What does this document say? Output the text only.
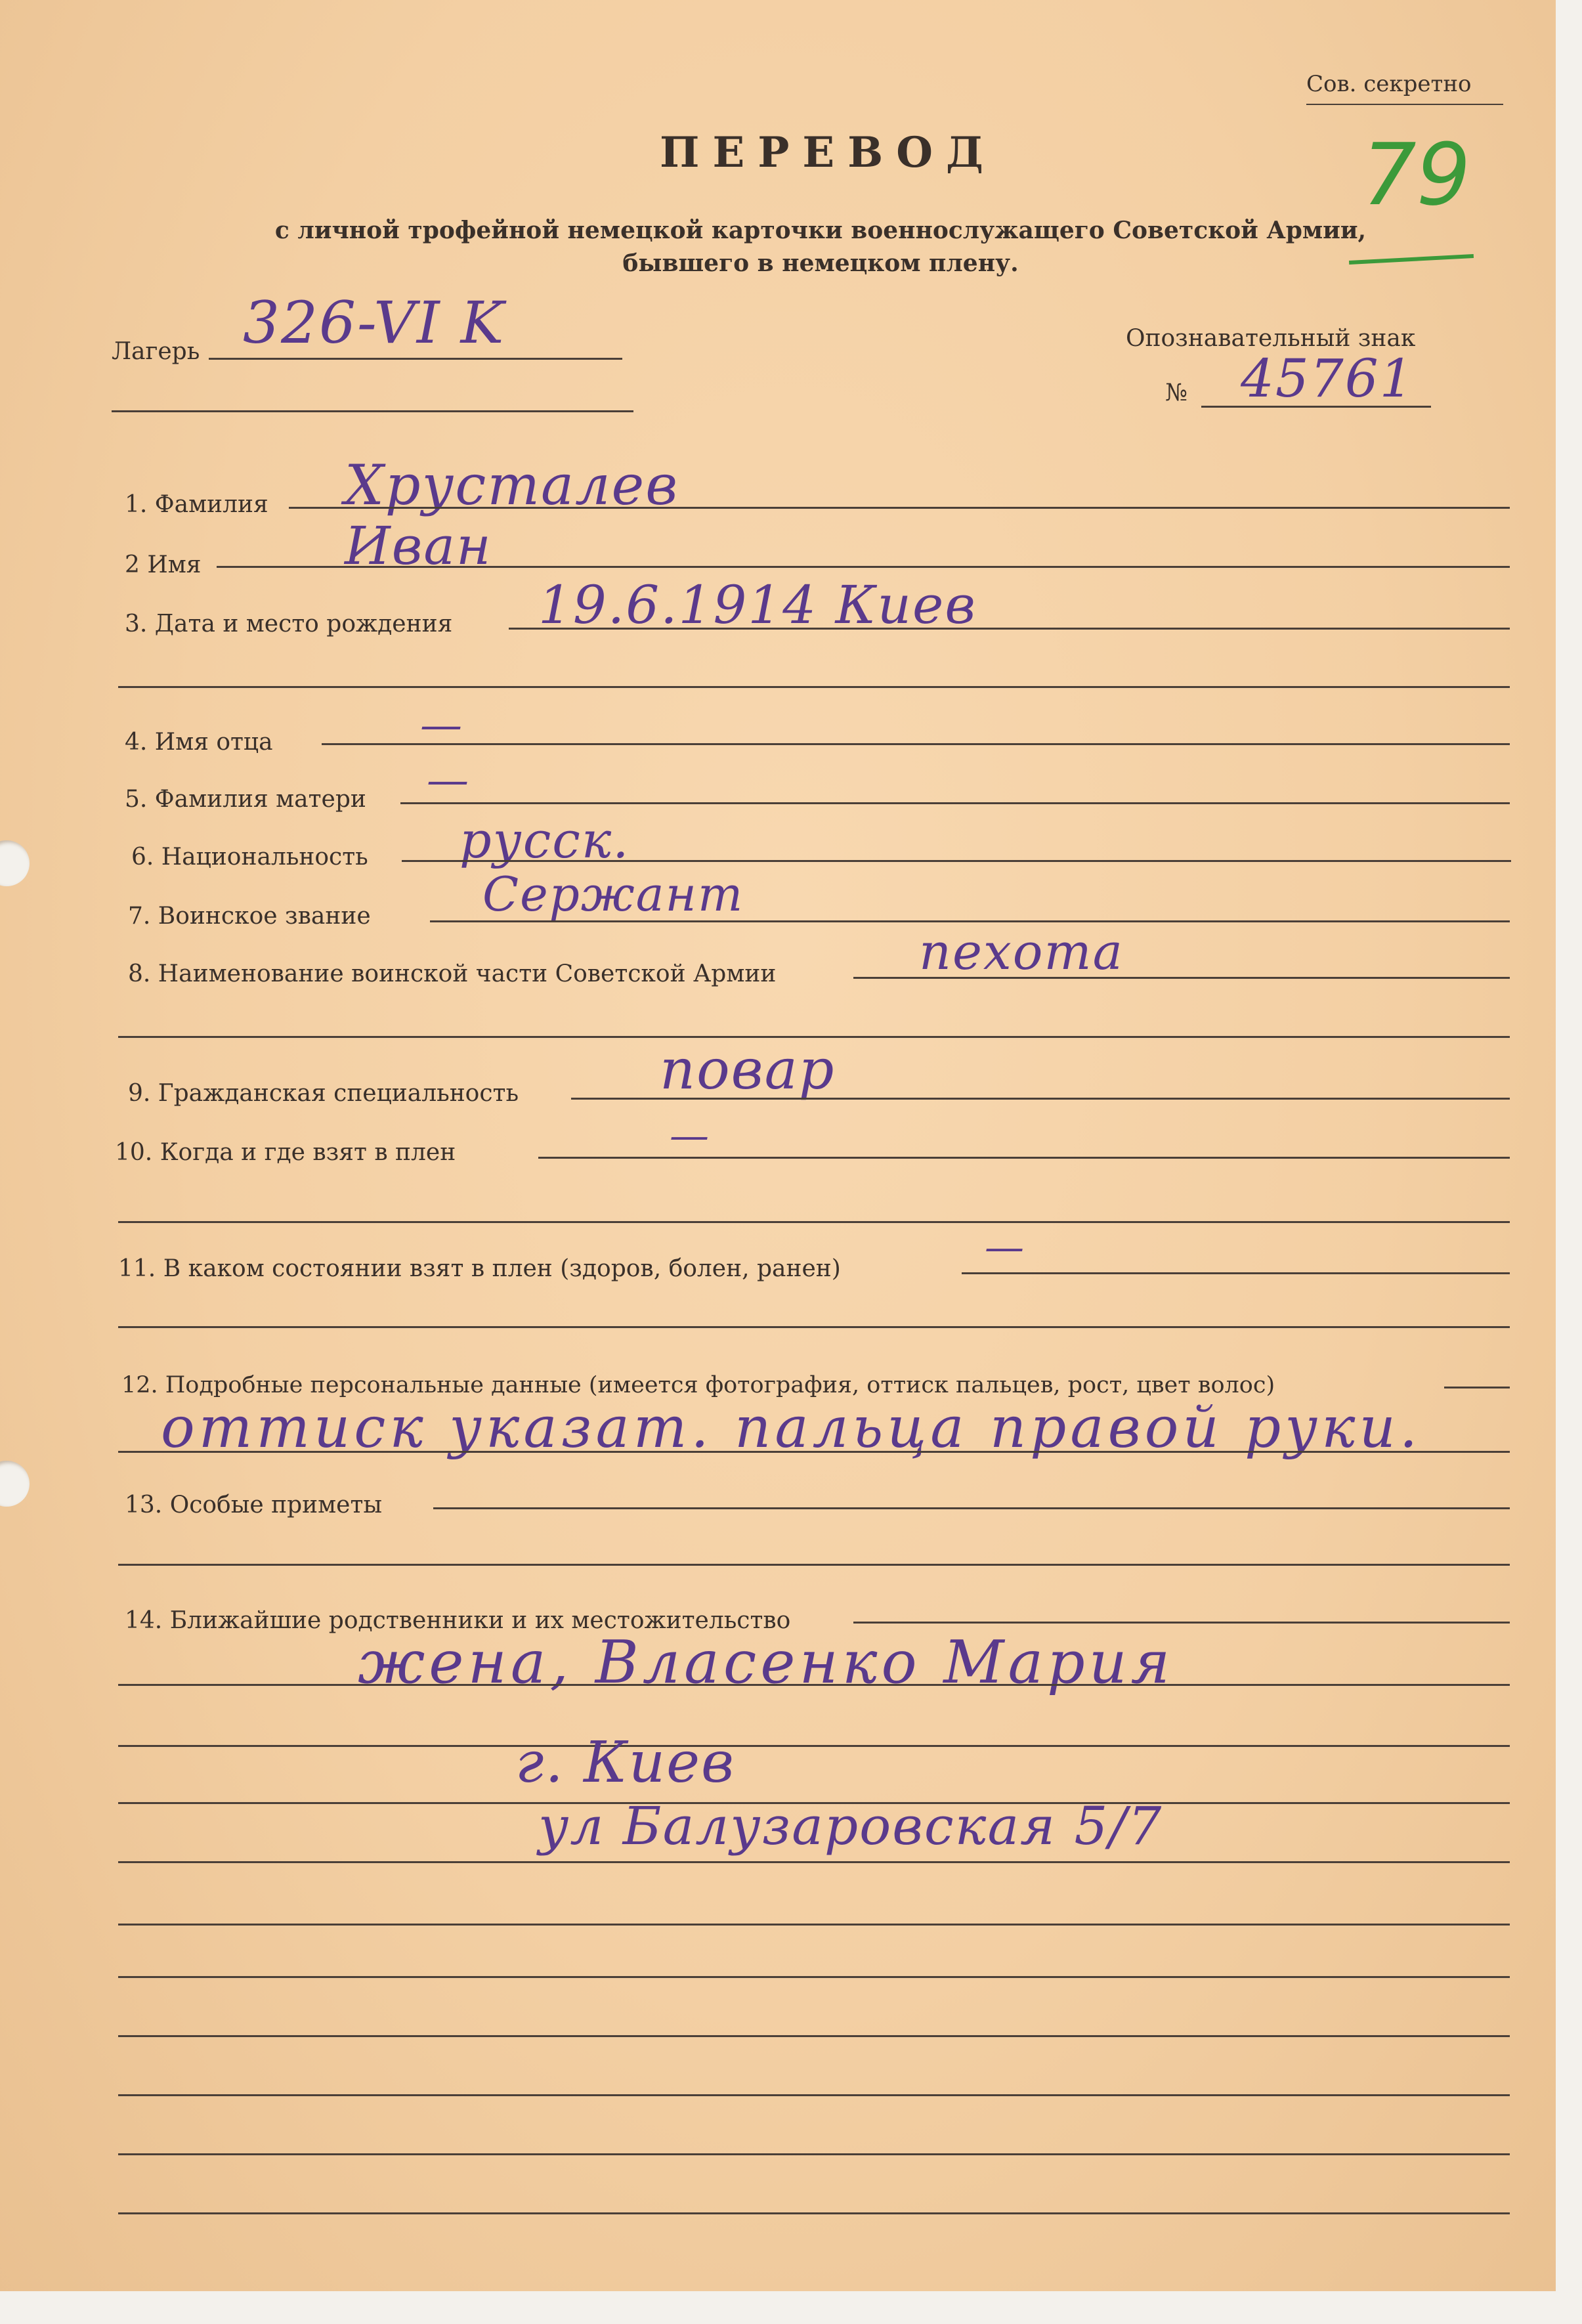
Сов. секретно
79
ПЕРЕВОД
с личной трофейной немецкой карточки военнослужащего Советской Армии,
бывшего в немецком плену.
Лагерь 326-VI K	Опознавательный знак
№ 45761
1. Фамилия Хрусталев
2 Имя	Иван
3. Дата и место рождения 19.6.1914 Киев
4. Имя отца	—
5. Фамилия матери —
6. Национальность русск.
7. Воинское звание Сержант
8. Наименование воинской части Советской Армии	пехота
9. Гражданская специальность	повар
10. Когда и где взят в плен	—
11. В каком состоянии взят в плен (здоров, болен, ранен)	—
12. Подробные персональные данные (имеется фотография, оттиск пальцев, рост, цвет волос)
оттиск указат. пальца правой руки.
13. Особые приметы
14. Ближайшие родственники и их местожительство
жена, Власенко Мария
г. Киев
ул Балузаровская 5/7
